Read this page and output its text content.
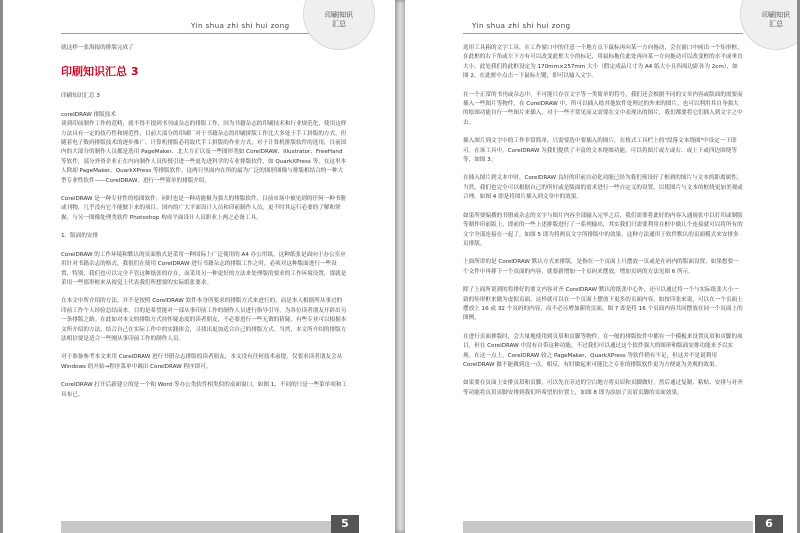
Yin shua zhi shi hui zong
印刷知识
汇总

就这样一张海报的排版完成了

印刷知识汇总 3

印刷知识汇总 3

coreIDRAW 排版技术
谈到印前制作工作的范畴，就不得不提到书刊或杂志的排版工作，因为书籍杂志的印刷技术和行业规范化，使用这样方法具有一定的技巧性和规范性，目前大部分的印刷厂对于书籍杂志的印刷拼版工作比大多处于手工拼版的方式，但随着电子数码排版技术的逐步推广，计算机排版必将取代手工拼版的作业方式，对于计算机排版软件的选用，目前国内的大部分的制作人员都是选用 PageMaker、北大方正以及一些图形类如 CorelDRAW、Illustrator、FreeHand 等软件，部分外资企业正在内向制作人员传授引进一些更先进科学的专业排版软件，如 QuarkXPress 等。在这里本人除却 PageMaker、QuarkXPress 等排版软件，这两日里面内在所的最为广泛的图形图像与排版相结合的一种大型专业性软件——CoreIDRAW，进行一些简单的排版介绍。

CorelDRAW 是一种专业性的绘图软件，同时也是一种功能极为强大的排版软件，目前市场中被见到的任何一种书册或刊物，几乎没有它不能做下来的项目。国内的广大平面设计人员和印前制作人员，更不时其运行必要的了解和掌握，与另一图像处理类软件 Photoshop 构成平面设计人员职业上两之必备工具。

1、版面的安排

CorelDRAW 的工作环境和默认的页面格式是采用一种国际上广泛使用的 A4 办公用纸，这种纸张是面向于办公室应用针对书籍杂志的格式，我很们在使用 CoreIDRAW 进行书籍杂志的排版工作之时，必须对这种版面进行一些设置，特别，我们也可以完全不管这种纸张的存在，而采用另一种更好的方法来处理版的要求的工作环境设置，那就是采用一些那形框来从视觉上代表我们所想要的实际纸张要求。

在本文中所介绍的方法，并不是按照 CorelDRAW 软件本身所要求的排版方式来进行的，而是本人根据所从事过的印前工作个人经验总结而来，目的是希望能对一部从事印前工作的制作人员进行指导引导，为各位读者朋友开辟出另一条排版之路。在此如对本文的排版方式持怀疑态度的读者朋友，不必要进行一些无谓的猜疑，有些专业可以根据本文所介绍的方法，结合自己在实际工作中的实践体会，寻找出更加适合自己的排版方式。当然，本文所介绍的排版方法相信要是适合一些刚从事印前工作的制作人员。

对于准备参考本文来用 CorelDRAW 进行书册杂志排版的读者朋友，本文没有任何技术前提，仅要求读者朋友会从 Windows 的开始→程序菜单中调出 CorelDRAW 程序即可。

CoreIDRAW 打开后新建立的是一个和 Word 等办公类软件相类似的桌面窗口，如图 1，不同的只是一些菜单项和工具布已。

5
Yin shua zhi shi hui zong
印刷知识
汇总

选用工具箱的文字工具，在工作窗口中的任意一个地方点下鼠标再向某一方向拖动，会在窗口中画出一个矩形框，在此框的右下角或左下方有可以改变此框大小的标记，用鼠标拖住此处再向某一方向拖动可以改变框的水平或垂直大小。此处我们将此框设定为 170mm×257mm 大小（假定成品尺寸为 A4 纸大小且四周边距各为 2cm），如图 2。在此框中点击一下鼠标左键，即可以输入文字。

在一个正常的书刊或杂志中，不可能只存在文字等一类简单的符号，我们还会根据不同的文章内容或版面的需要而插入一些图片等物件，在 CorelDRAW 中，所可以插入绘其他软件处理过的外来的图片，也可以利用其自身强大的绘图功能自行一些图片来插入。对于一些不常见而又需要在文中表现出的图片，我们都要将它们插入到文字之中去。

插入图片到文字中的工作非常简单，只需要选中要插入的图片，在格式工具栏上的"段落文本绕图"中设定一下即可。在该工具中，CoreIDRAW 为我们提供了丰富的文本绕图功能，可以将图片或左或右、或上下或四边围绕等等，如图 3。

在插入图片到文本中时，CorelDRAW 良好的印前自动化功能已经为我们预设好了框到的图片与文本的距离属性，当然，我们也完全可以根据自己的所好或是版面的需求进行一些自定义的设置，以使图片与文本的框绕更加美观或合理。如图 4 即是将图片插入到文章中的效果。

如果所要编撰的书册或杂志的文字与图片内容全部输入完毕之后，我们需要将此好的内容入通视张中以打印或制版等制作印前版上，即前的一些上述排版进行了一系列输出，其实我们只需要利用在框中做几个连接就可以将所有的文字全部连接在一起了。如图 5 即为将两页文字所排版中的效果。这种方法通用于软件默认的页面模式来安排多页排版。

上面所讲的是 CoreIDRAW 默认方式来排版，是指在一个页面上只摆放一页或是在码内的版面设置，如果想要一个文件中再排下一个页面的内容，就要新增加一个页码来摆放，增加页码的方法见图 6 所示。

除了上面所说到的将排好的要文内容对齐 CoreIDRAW 默认的纸张中心外，还可以通过将一个与实际纸张大小一致的矩形框来做为虚拟页面，这样就可以在一个页面上摆放下更多的页面内容，如按印张来说，可以在一个页面上摆放上 16 或 32 个页码的内容，而不必另增加新的页面，图 7 即是将 16 个页面内容共同摆放在同一个页面上的图例。

在进行页面排版时，会大量地使用到页眉和页脚等物件，在一般的排版软件中都有一个模板来设置页眉和页脚的项目，但在 CorelDRAW 中没有自带这种功能，不过我们可以通过这个软件强大的图形和版面安排功能来予以实现。在这一点上，CorelDRAW 较之 PageMaker、QuarkXPress 等软件稍有不足，但这并不是说利用 CorelDRAW 做不能做到这一点，相反，有时做起来可能比之专业的排版软件更为方便更为美观的效果。

如果要在页面上安排页眉和页脚，可以先在旁边的空白地方将页眉和页脚做好，然后通过复制、粘贴、安排与对齐等功能将页眉页脚安排到我们所希望的位置上，如图 8 即为添加了页眉页脚的页面效果。

6
